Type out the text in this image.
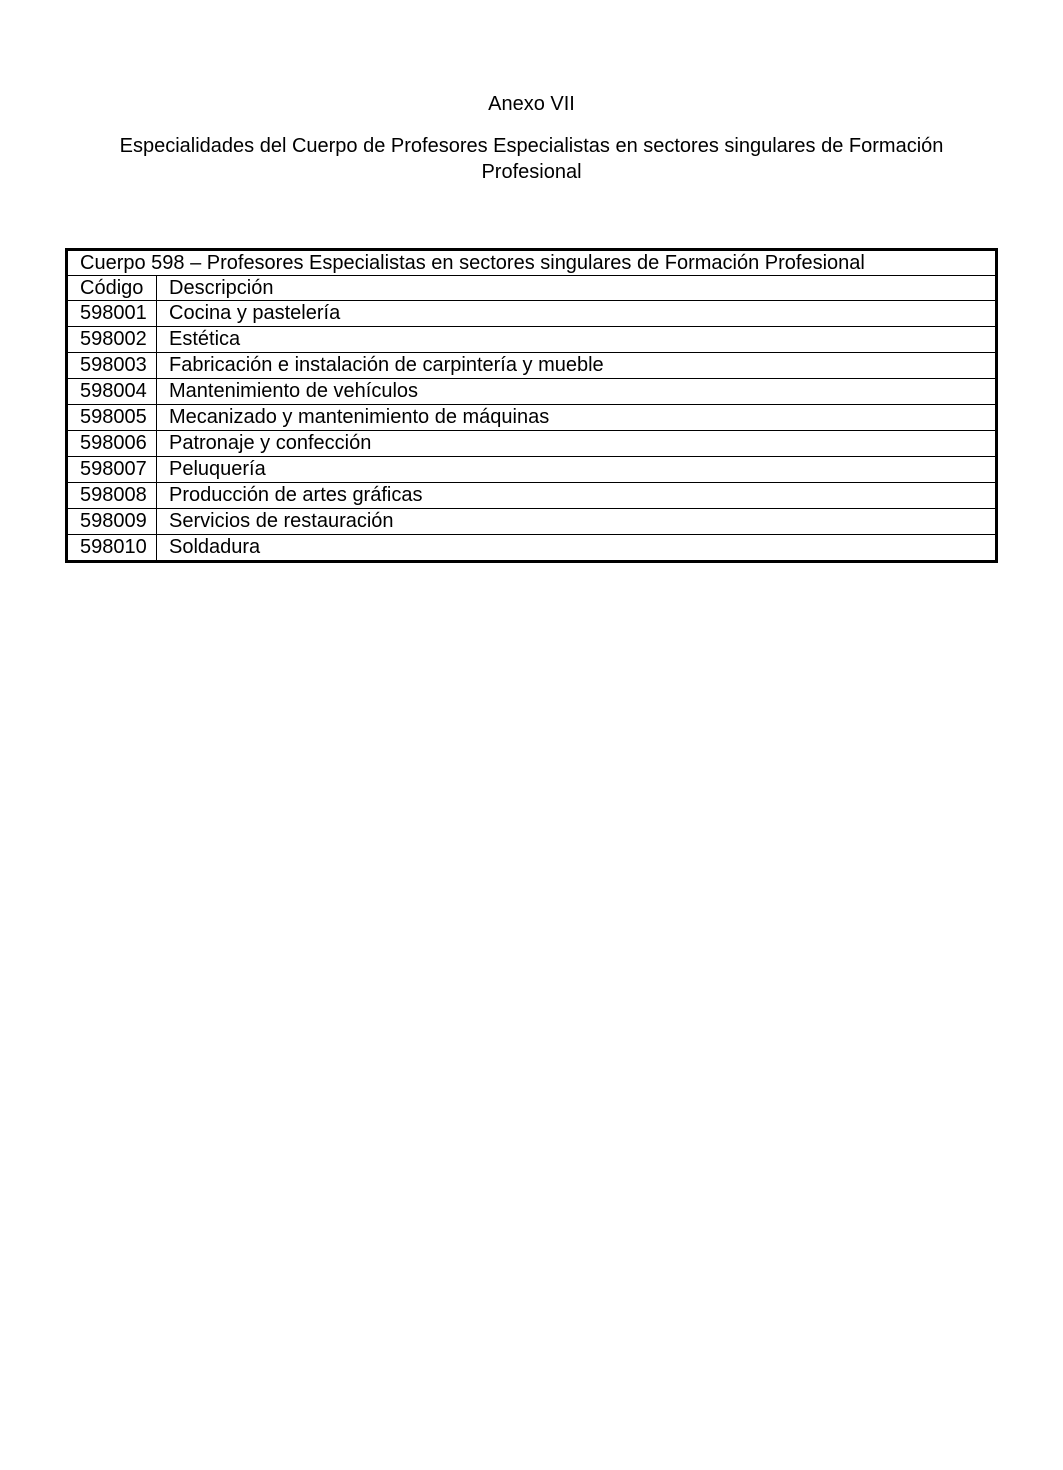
Anexo VII
Especialidades del Cuerpo de Profesores Especialistas en sectores singulares de Formación Profesional
Cuerpo 598 – Profesores Especialistas en sectores singulares de Formación Profesional	
Código	Descripción
598001	Cocina y pastelería
598002	Estética
598003	Fabricación e instalación de carpintería y mueble
598004	Mantenimiento de vehículos
598005	Mecanizado y mantenimiento de máquinas
598006	Patronaje y confección
598007	Peluquería
598008	Producción de artes gráficas
598009	Servicios de restauración
598010	Soldadura
